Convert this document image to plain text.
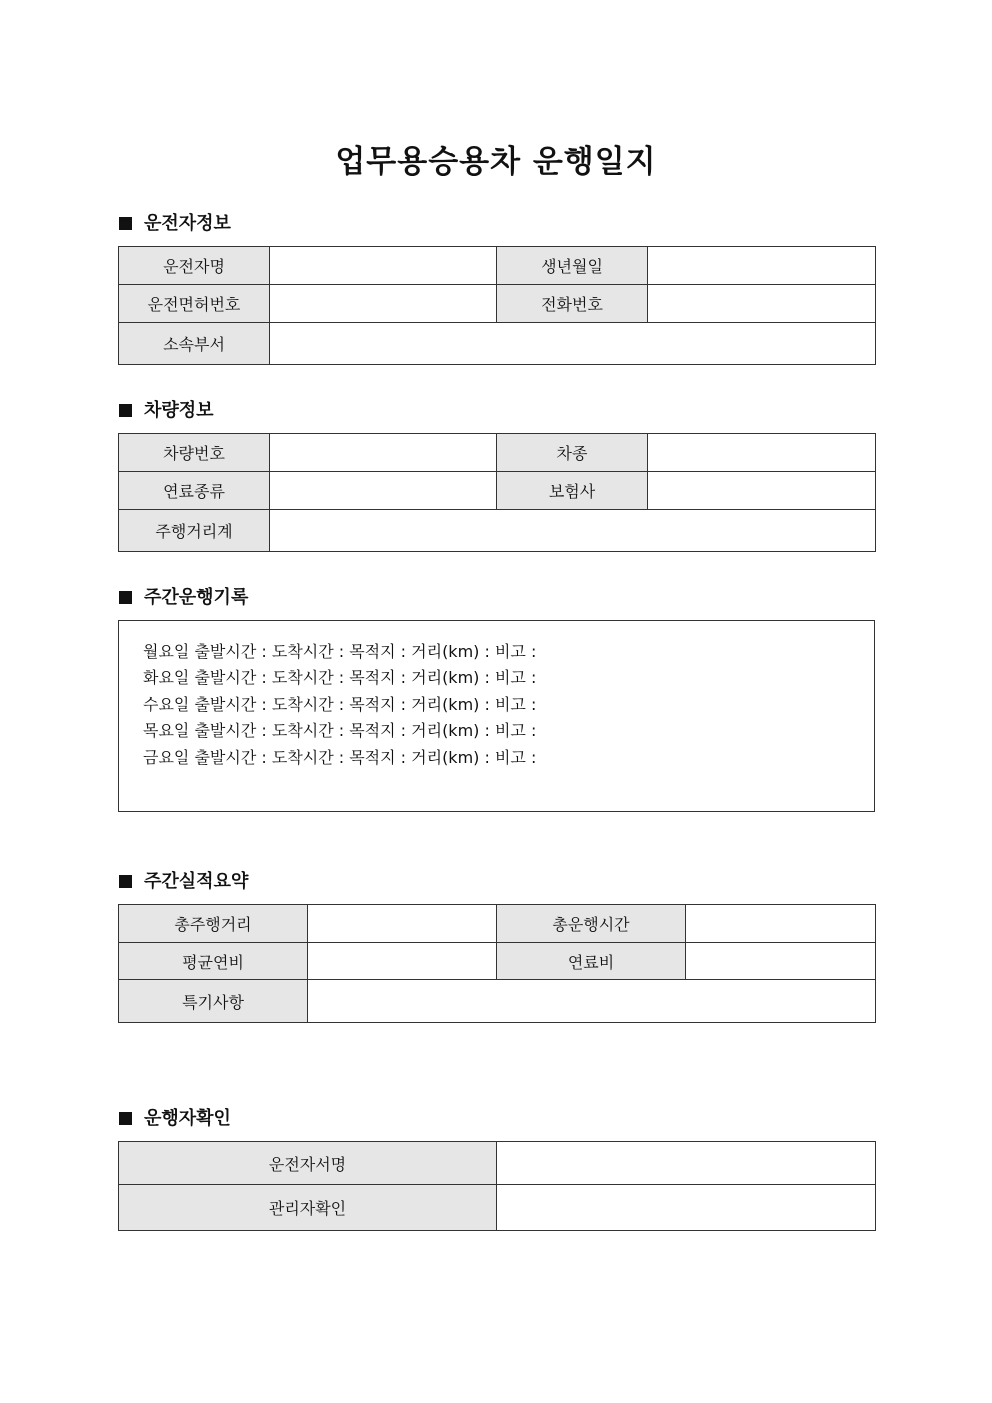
업무용승용차 운행일지
운전자정보
운전자명		생년월일	
운전면허번호		전화번호	
소속부서			
차량정보
차량번호		차종	
연료종류		보험사	
주행거리계			
주간운행기록
월요일 출발시간 : 도착시간 : 목적지 : 거리(km) : 비고 :
화요일 출발시간 : 도착시간 : 목적지 : 거리(km) : 비고 :
수요일 출발시간 : 도착시간 : 목적지 : 거리(km) : 비고 :
목요일 출발시간 : 도착시간 : 목적지 : 거리(km) : 비고 :
금요일 출발시간 : 도착시간 : 목적지 : 거리(km) : 비고 :
주간실적요약
총주행거리		총운행시간	
평균연비		연료비	
특기사항			
운행자확인
운전자서명	
관리자확인	
